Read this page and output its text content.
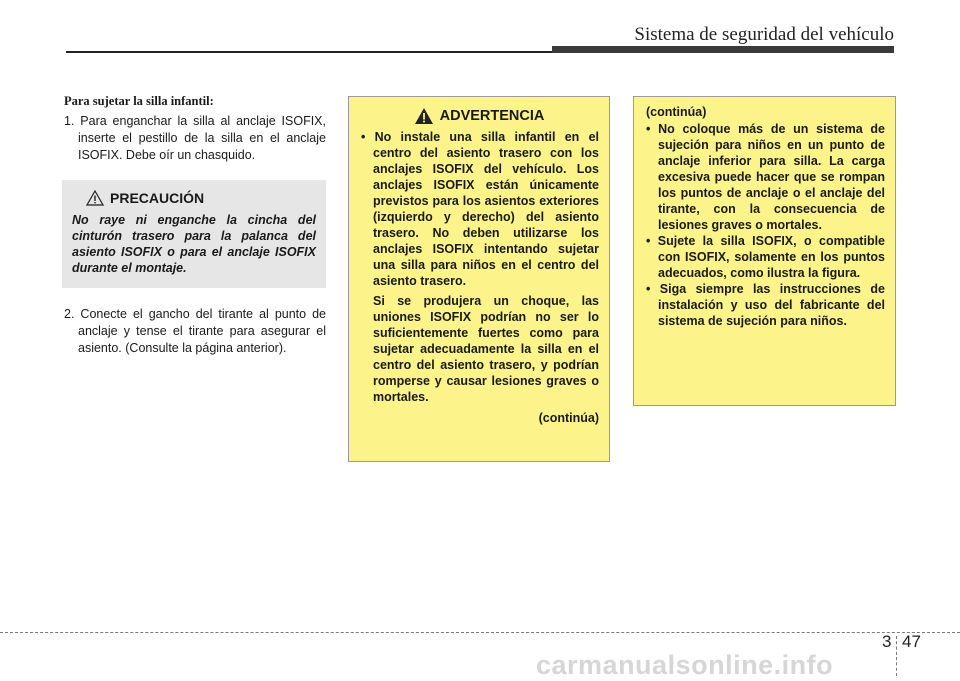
Sistema de seguridad del vehículo

Para sujetar la silla infantil:

1. Para enganchar la silla al anclaje ISOFIX, inserte el pestillo de la silla en el anclaje ISOFIX. Debe oír un chasquido.

PRECAUCIÓN
No raye ni enganche la cincha del cinturón trasero para la palanca del asiento ISOFIX o para el anclaje ISOFIX durante el montaje.

2. Conecte el gancho del tirante al punto de anclaje y tense el tirante para asegurar el asiento. (Consulte la página anterior).

ADVERTENCIA

• No instale una silla infantil en el centro del asiento trasero con los anclajes ISOFIX del vehículo. Los anclajes ISOFIX están únicamente previstos para los asientos exteriores (izquierdo y derecho) del asiento trasero. No deben utilizarse los anclajes ISOFIX intentando sujetar una silla para niños en el centro del asiento trasero.

Si se produjera un choque, las uniones ISOFIX podrían no ser lo suficientemente fuertes como para sujetar adecuadamente la silla en el centro del asiento trasero, y podrían romperse y causar lesiones graves o mortales.

(continúa)
(continúa)

• No coloque más de un sistema de sujeción para niños en un punto de anclaje inferior para silla. La carga excesiva puede hacer que se rompan los puntos de anclaje o el anclaje del tirante, con la consecuencia de lesiones graves o mortales.

• Sujete la silla ISOFIX, o compatible con ISOFIX, solamente en los puntos adecuados, como ilustra la figura.

• Siga siempre las instrucciones de instalación y uso del fabricante del sistema de sujeción para niños.

3 47
carmanualsonline.info
